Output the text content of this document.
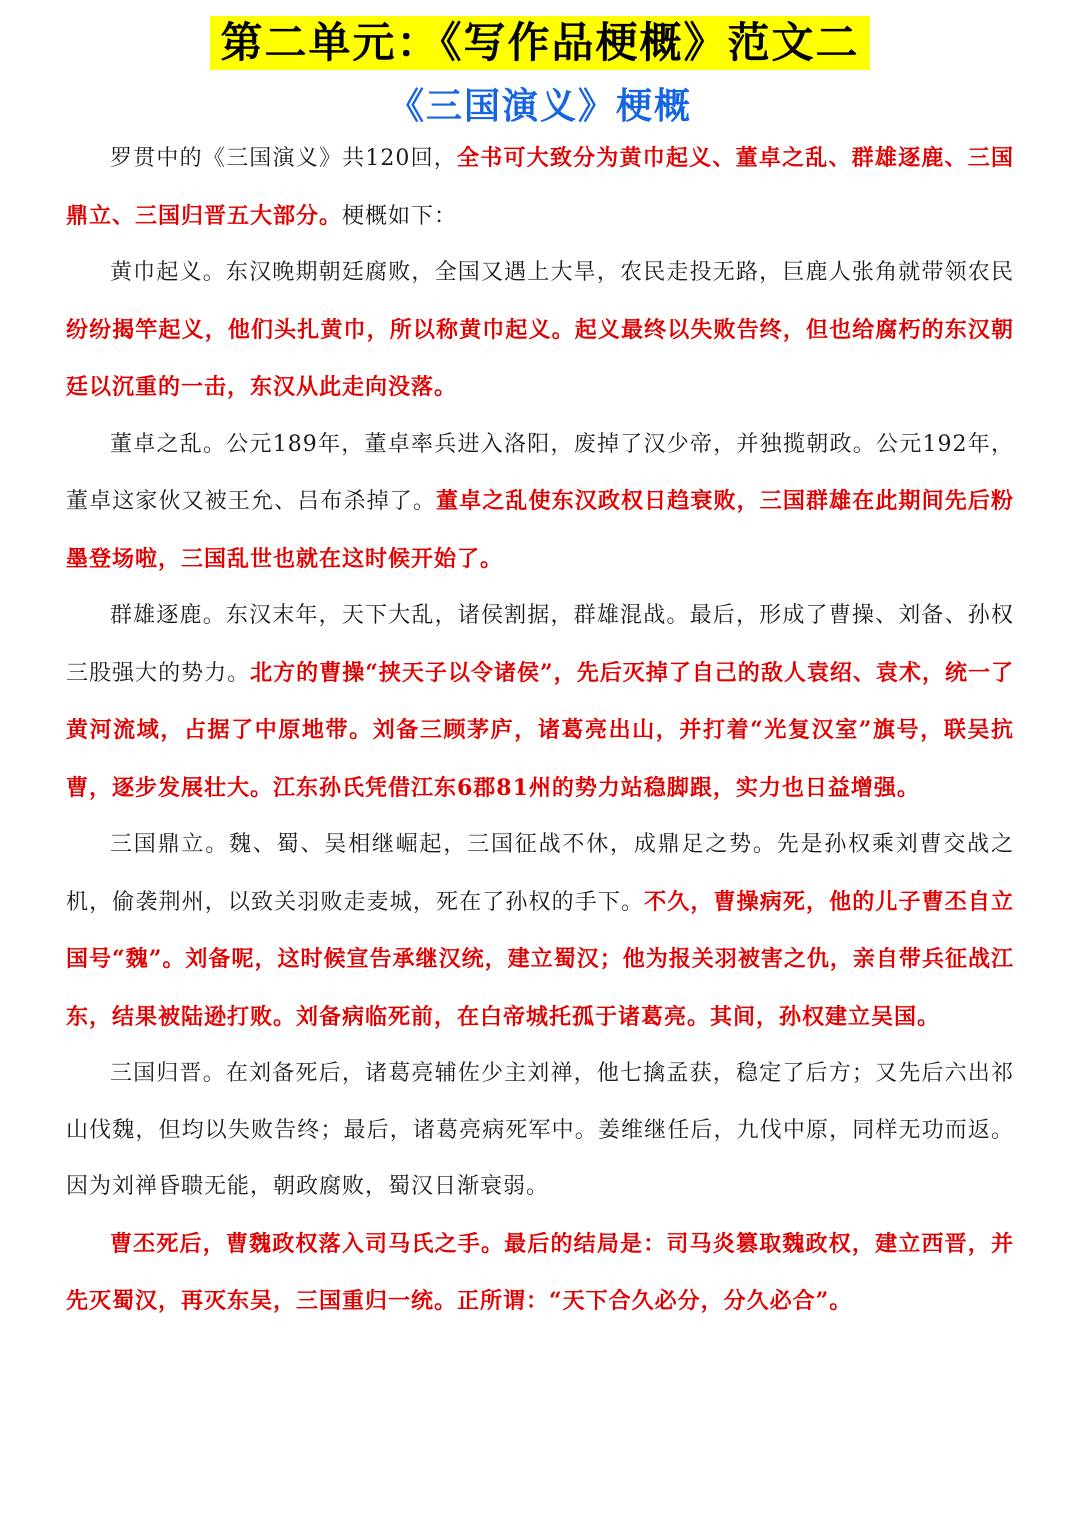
第二单元：《写作品梗概》范文二
《三国演义》梗概

罗贯中的《三国演义》共120回，全书可大致分为黄巾起义、董卓之乱、群雄逐鹿、三国鼎立、三国归晋五大部分。梗概如下：

黄巾起义。东汉晚期朝廷腐败，全国又遇上大旱，农民走投无路，巨鹿人张角就带领农民纷纷揭竿起义，他们头扎黄巾，所以称黄巾起义。起义最终以失败告终，但也给腐朽的东汉朝廷以沉重的一击，东汉从此走向没落。

董卓之乱。公元189年，董卓率兵进入洛阳，废掉了汉少帝，并独揽朝政。公元192年，董卓这家伙又被王允、吕布杀掉了。董卓之乱使东汉政权日趋衰败，三国群雄在此期间先后粉墨登场啦，三国乱世也就在这时候开始了。

群雄逐鹿。东汉末年，天下大乱，诸侯割据，群雄混战。最后，形成了曹操、刘备、孙权三股强大的势力。北方的曹操“挟天子以令诸侯”，先后灭掉了自己的敌人袁绍、袁术，统一了黄河流域，占据了中原地带。刘备三顾茅庐，诸葛亮出山，并打着“光复汉室”旗号，联吴抗曹，逐步发展壮大。江东孙氏凭借江东6郡81州的势力站稳脚跟，实力也日益增强。

三国鼎立。魏、蜀、吴相继崛起，三国征战不休，成鼎足之势。先是孙权乘刘曹交战之机，偷袭荆州，以致关羽败走麦城，死在了孙权的手下。不久，曹操病死，他的儿子曹丕自立国号“魏”。刘备呢，这时候宣告承继汉统，建立蜀汉；他为报关羽被害之仇，亲自带兵征战江东，结果被陆逊打败。刘备病临死前，在白帝城托孤于诸葛亮。其间，孙权建立吴国。

三国归晋。在刘备死后，诸葛亮辅佐少主刘禅，他七擒孟获，稳定了后方；又先后六出祁山伐魏，但均以失败告终；最后，诸葛亮病死军中。姜维继任后，九伐中原，同样无功而返。因为刘禅昏聩无能，朝政腐败，蜀汉日渐衰弱。

曹丕死后，曹魏政权落入司马氏之手。最后的结局是：司马炎篡取魏政权，建立西晋，并先灭蜀汉，再灭东吴，三国重归一统。正所谓：“天下合久必分，分久必合”。
